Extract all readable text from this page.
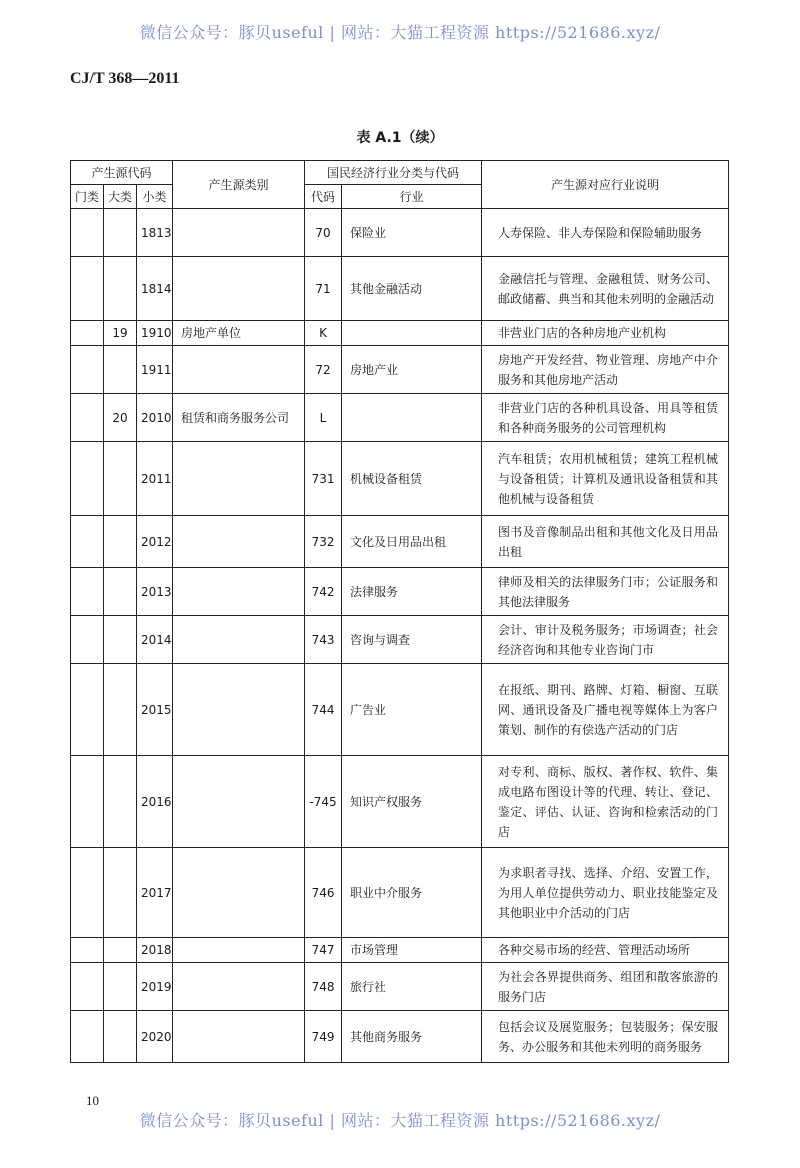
微信公众号：豚贝useful | 网站：大猫工程资源 https://521686.xyz/
CJ/T 368—2011
表 A.1（续）
产生源代码			产生源类别	国民经济行业分类与代码		产生源对应行业说明
门类	大类	小类		代码	行业	
		1813		70	保险业	人寿保险、非人寿保险和保险辅助服务
		1814		71	其他金融活动	金融信托与管理、金融租赁、财务公司、邮政储蓄、典当和其他未列明的金融活动
	19	1910	房地产单位	K		非营业门店的各种房地产业机构
		1911		72	房地产业	房地产开发经营、物业管理、房地产中介服务和其他房地产活动
	20	2010	租赁和商务服务公司	L		非营业门店的各种机具设备、用具等租赁和各种商务服务的公司管理机构
		2011		731	机械设备租赁	汽车租赁；农用机械租赁；建筑工程机械与设备租赁；计算机及通讯设备租赁和其他机械与设备租赁
		2012		732	文化及日用品出租	图书及音像制品出租和其他文化及日用品出租
		2013		742	法律服务	律师及相关的法律服务门市；公证服务和其他法律服务
		2014		743	咨询与调查	会计、审计及税务服务；市场调查；社会经济咨询和其他专业咨询门市
		2015		744	广告业	在报纸、期刊、路牌、灯箱、橱窗、互联网、通讯设备及广播电视等媒体上为客户策划、制作的有偿选产活动的门店
		2016		-745	知识产权服务	对专利、商标、版权、著作权、软件、集成电路布图设计等的代理、转让、登记、鉴定、评估、认证、咨询和检索活动的门店
		2017		746	职业中介服务	为求职者寻找、选择、介绍、安置工作，为用人单位提供劳动力、职业技能鉴定及其他职业中介活动的门店
		2018		747	市场管理	各种交易市场的经营、管理活动场所
		2019		748	旅行社	为社会各界提供商务、组团和散客旅游的服务门店
		2020		749	其他商务服务	包括会议及展览服务；包装服务；保安服务、办公服务和其他未列明的商务服务
10
微信公众号：豚贝useful | 网站：大猫工程资源 https://521686.xyz/
